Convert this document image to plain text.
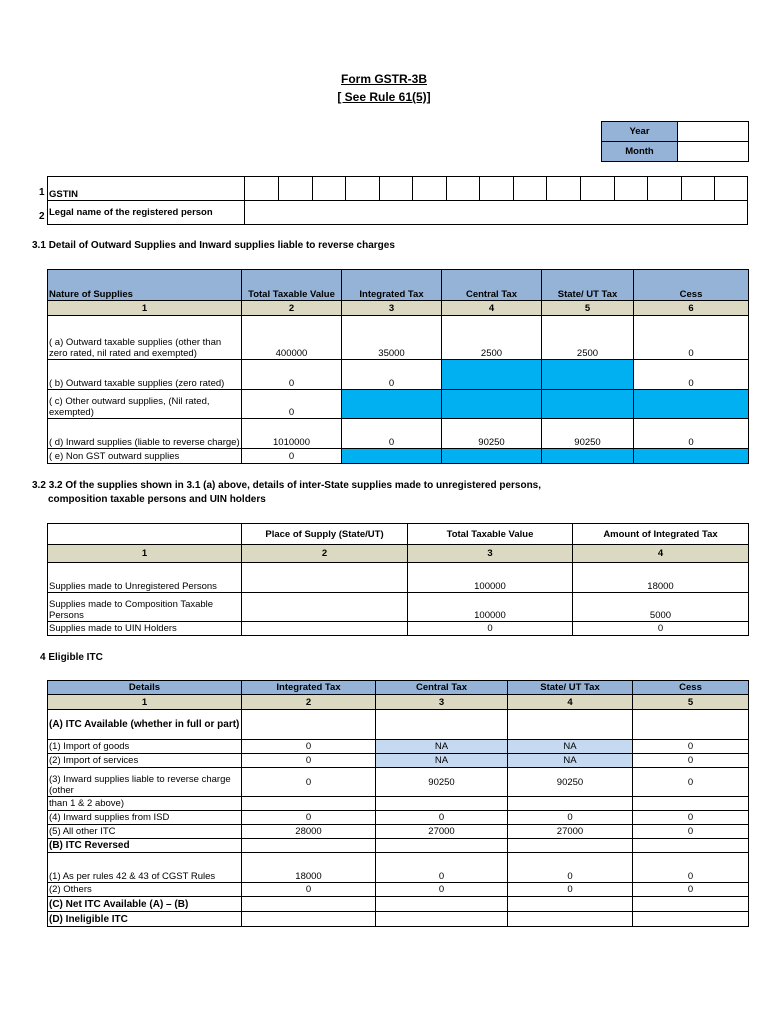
Form GSTR-3B
[ See Rule 61(5)]
Year	
Month	
1
2
GSTIN															
Legal name of the registered person															
3.1 Detail of Outward Supplies and Inward supplies liable to reverse charges
Nature of Supplies	Total Taxable Value	Integrated Tax	Central Tax	State/ UT Tax	Cess
1	2	3	4	5	6
( a) Outward taxable supplies (other than zero rated, nil rated and exempted)	400000	35000	2500	2500	0
( b) Outward taxable supplies (zero rated)	0	0			0
( c) Other outward supplies, (Nil rated, exempted)	0				
( d) Inward supplies (liable to reverse charge)	1010000	0	90250	90250	0
( e) Non GST outward supplies	0				
3.2 3.2 Of the supplies shown in 3.1 (a) above, details of inter-State supplies made to unregistered persons,
composition taxable persons and UIN holders
	Place of Supply (State/UT)	Total Taxable Value	Amount of Integrated Tax
1	2	3	4
Supplies made to Unregistered Persons		100000	18000
Supplies made to Composition Taxable Persons		100000	5000
Supplies made to UIN Holders		0	0
4 Eligible ITC
Details	Integrated Tax	Central Tax	State/ UT Tax	Cess
1	2	3	4	5
(A) ITC Available (whether in full or part)				
(1) Import of goods	0	NA	NA	0
(2) Import of services	0	NA	NA	0
(3) Inward supplies liable to reverse charge (other	0	90250	90250	0
than 1 & 2 above)				
(4) Inward supplies from ISD	0	0	0	0
(5) All other ITC	28000	27000	27000	0
(B) ITC Reversed				
(1) As per rules 42 & 43 of CGST Rules	18000	0	0	0
(2) Others	0	0	0	0
(C) Net ITC Available (A) – (B)				
(D) Ineligible ITC				
